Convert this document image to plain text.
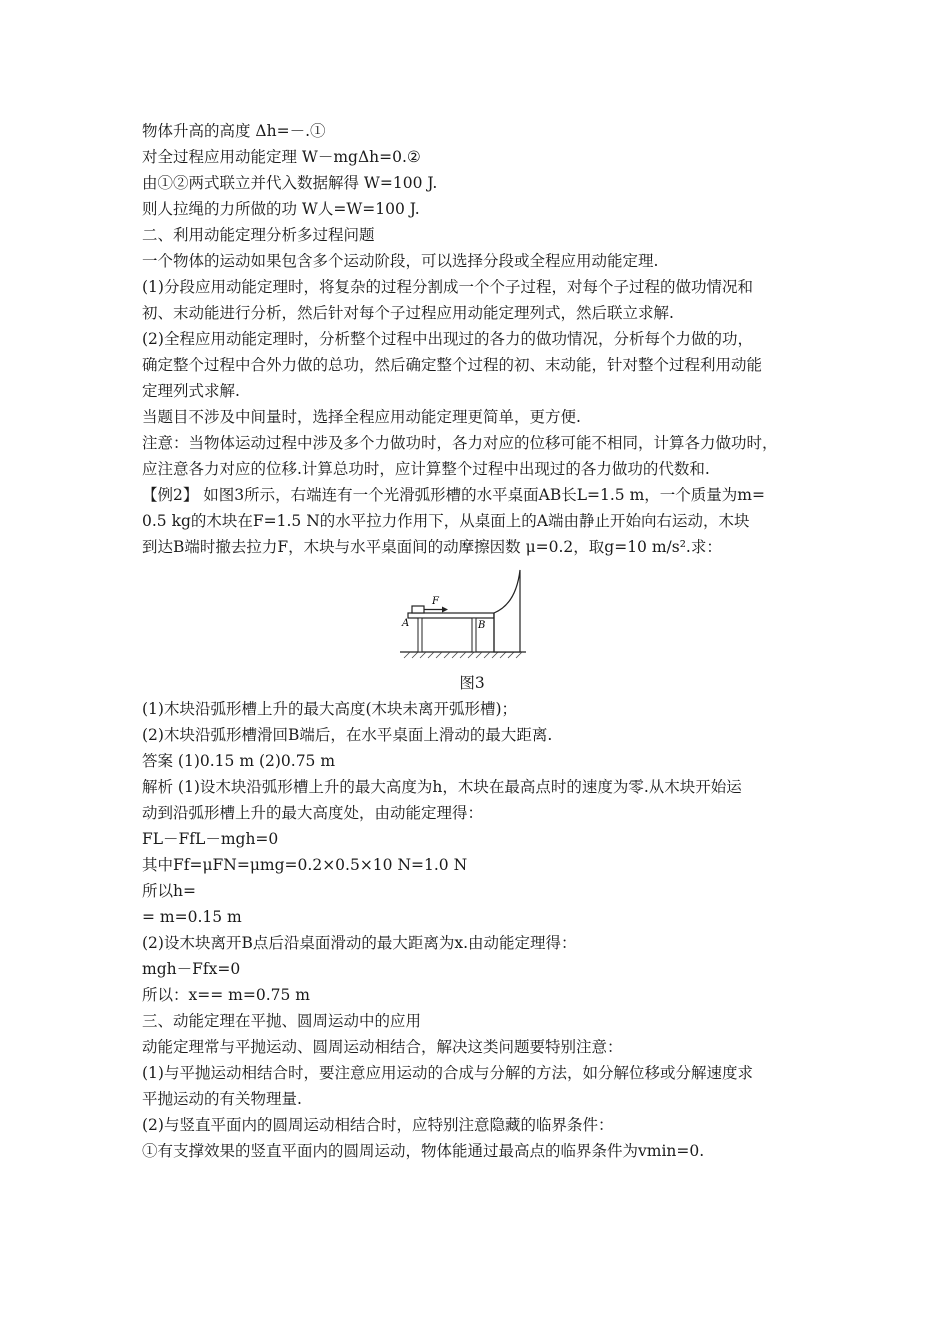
物体升高的高度 Δh=－.①
对全过程应用动能定理 W－mgΔh=0.②
由①②两式联立并代入数据解得 W=100 J.
则人拉绳的力所做的功 W人=W=100 J.
二、利用动能定理分析多过程问题
一个物体的运动如果包含多个运动阶段，可以选择分段或全程应用动能定理.
(1)分段应用动能定理时，将复杂的过程分割成一个个子过程，对每个子过程的做功情况和
初、末动能进行分析，然后针对每个子过程应用动能定理列式，然后联立求解.
(2)全程应用动能定理时，分析整个过程中出现过的各力的做功情况，分析每个力做的功，
确定整个过程中合外力做的总功，然后确定整个过程的初、末动能，针对整个过程利用动能
定理列式求解.
当题目不涉及中间量时，选择全程应用动能定理更简单，更方便.
注意：当物体运动过程中涉及多个力做功时，各力对应的位移可能不相同，计算各力做功时，
应注意各力对应的位移.计算总功时，应计算整个过程中出现过的各力做功的代数和.
【例2】 如图3所示，右端连有一个光滑弧形槽的水平桌面AB长L=1.5 m，一个质量为m=
0.5 kg的木块在F=1.5 N的水平拉力作用下，从桌面上的A端由静止开始向右运动，木块
到达B端时撤去拉力F，木块与水平桌面间的动摩擦因数 μ=0.2，取g=10 m/s².求：
F
A	B
图3
(1)木块沿弧形槽上升的最大高度(木块未离开弧形槽)；
(2)木块沿弧形槽滑回B端后，在水平桌面上滑动的最大距离.
答案 (1)0.15 m (2)0.75 m
解析 (1)设木块沿弧形槽上升的最大高度为h，木块在最高点时的速度为零.从木块开始运
动到沿弧形槽上升的最大高度处，由动能定理得：
FL－FfL－mgh=0
其中Ff=μFN=μmg=0.2×0.5×10 N=1.0 N
所以h=
= m=0.15 m
(2)设木块离开B点后沿桌面滑动的最大距离为x.由动能定理得：
mgh－Ffx=0
所以：x== m=0.75 m
三、动能定理在平抛、圆周运动中的应用
动能定理常与平抛运动、圆周运动相结合，解决这类问题要特别注意：
(1)与平抛运动相结合时，要注意应用运动的合成与分解的方法，如分解位移或分解速度求
平抛运动的有关物理量.
(2)与竖直平面内的圆周运动相结合时，应特别注意隐藏的临界条件：
①有支撑效果的竖直平面内的圆周运动，物体能通过最高点的临界条件为vmin=0.
